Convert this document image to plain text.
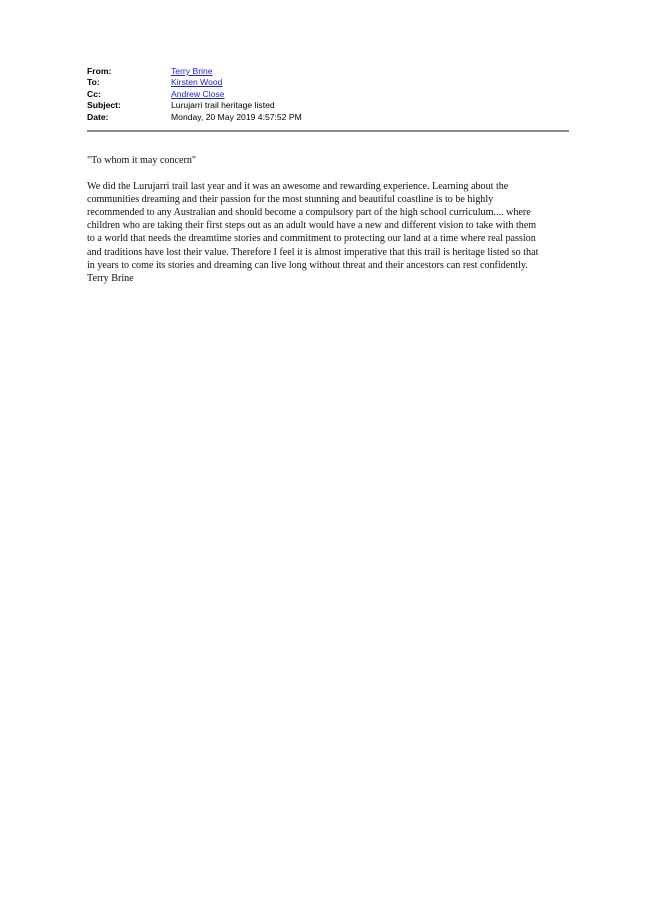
From:	Terry Brine
To:	Kirsten Wood
Cc:	Andrew Close
Subject:	Lurujarri trail heritage listed
Date:	Monday, 20 May 2019 4:57:52 PM

"To whom it may concern"

We did the Lurujarri trail last year and it was an awesome and rewarding experience. Learning about the
communities dreaming and their passion for the most stunning and beautiful coastline is to be highly
recommended to any Australian and should become a compulsory part of the high school curriculum.... where
children who are taking their first steps out as an adult would have a new and different vision to take with them
to a world that needs the dreamtime stories and commitment to protecting our land at a time where real passion
and traditions have lost their value. Therefore I feel it is almost imperative that this trail is heritage listed so that
in years to come its stories and dreaming can live long without threat and their ancestors can rest confidently.
Terry Brine
